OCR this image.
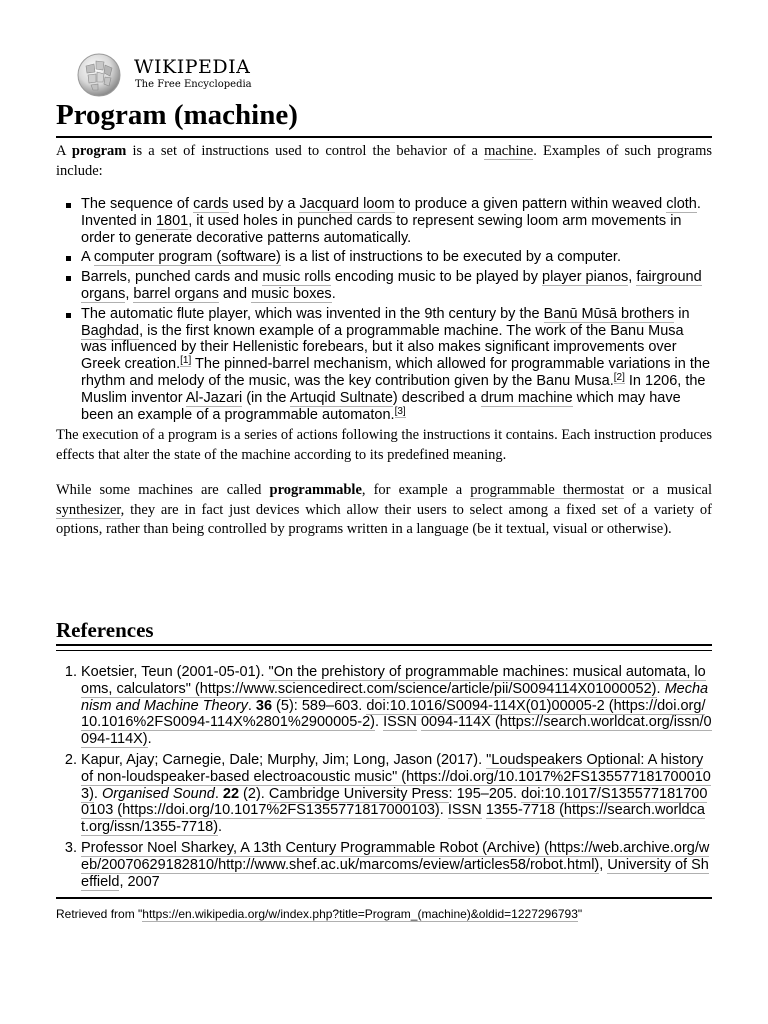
WIKIPEDIA
The Free Encyclopedia
Program (machine)

A program is a set of instructions used to control the behavior of a machine. Examples of such programs include:

The sequence of cards used by a Jacquard loom to produce a given pattern within weaved cloth. Invented in 1801, it used holes in punched cards to represent sewing loom arm movements in order to generate decorative patterns automatically.
A computer program (software) is a list of instructions to be executed by a computer.
Barrels, punched cards and music rolls encoding music to be played by player pianos, fairground organs, barrel organs and music boxes.
The automatic flute player, which was invented in the 9th century by the Banū Mūsā brothers in Baghdad, is the first known example of a programmable machine. The work of the Banu Musa was influenced by their Hellenistic forebears, but it also makes significant improvements over Greek creation.[1] The pinned-barrel mechanism, which allowed for programmable variations in the rhythm and melody of the music, was the key contribution given by the Banu Musa.[2] In 1206, the Muslim inventor Al-Jazari (in the Artuqid Sultnate) described a drum machine which may have been an example of a programmable automaton.[3]

The execution of a program is a series of actions following the instructions it contains. Each instruction produces effects that alter the state of the machine according to its predefined meaning.

While some machines are called programmable, for example a programmable thermostat or a musical synthesizer, they are in fact just devices which allow their users to select among a fixed set of a variety of options, rather than being controlled by programs written in a language (be it textual, visual or otherwise).

References
1. Koetsier, Teun (2001-05-01). "On the prehistory of programmable machines: musical automata, looms, calculators" (https://www.sciencedirect.com/science/article/pii/S0094114X01000052). Mechanism and Machine Theory. 36 (5): 589–603. doi:10.1016/S0094-114X(01)00005-2 (https://doi.org/10.1016%2FS0094-114X%2801%2900005-2). ISSN 0094-114X (https://search.worldcat.org/issn/0094-114X).
2. Kapur, Ajay; Carnegie, Dale; Murphy, Jim; Long, Jason (2017). "Loudspeakers Optional: A history of non-loudspeaker-based electroacoustic music" (https://doi.org/10.1017%2FS1355771817000103). Organised Sound. 22 (2). Cambridge University Press: 195–205. doi:10.1017/S1355771817000103 (https://doi.org/10.1017%2FS1355771817000103). ISSN 1355-7718 (https://search.worldcat.org/issn/1355-7718).
3. Professor Noel Sharkey, A 13th Century Programmable Robot (Archive) (https://web.archive.org/web/20070629182810/http://www.shef.ac.uk/marcoms/eview/articles58/robot.html), University of Sheffield, 2007
Retrieved from "https://en.wikipedia.org/w/index.php?title=Program_(machine)&oldid=1227296793"
